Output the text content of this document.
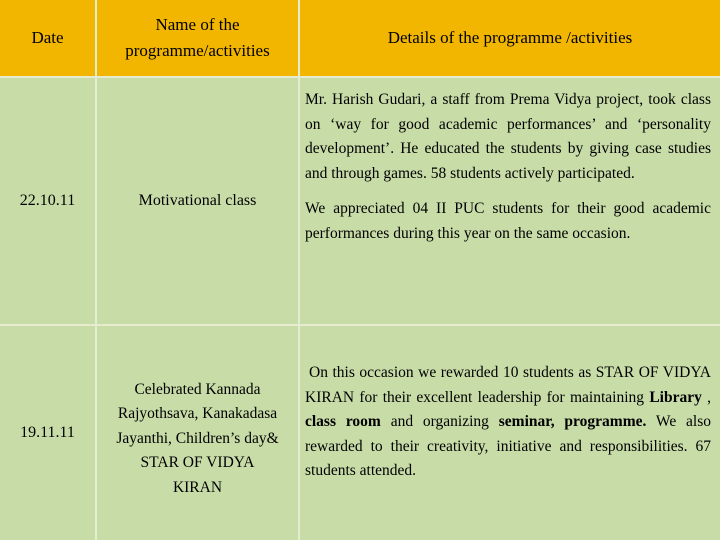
Date
Name of the programme/activities
Details of the programme /activities
22.10.11	Motivational class
Mr. Harish Gudari, a staff from Prema Vidya project, took class on ‘way for good academic performances’ and ‘personality development’. He educated the students by giving case studies and through games. 58 students actively participated.
We appreciated 04 II PUC students for their good academic performances during this year on the same occasion.
19.11.11
Celebrated Kannada
Rajyothsava, Kanakadasa
Jayanthi, Children’s day&
STAR OF VIDYA
KIRAN
On this occasion we rewarded 10 students as STAR OF VIDYA KIRAN for their excellent leadership for maintaining Library , class room and organizing seminar, programme. We also rewarded to their creativity, initiative and responsibilities. 67 students attended.
